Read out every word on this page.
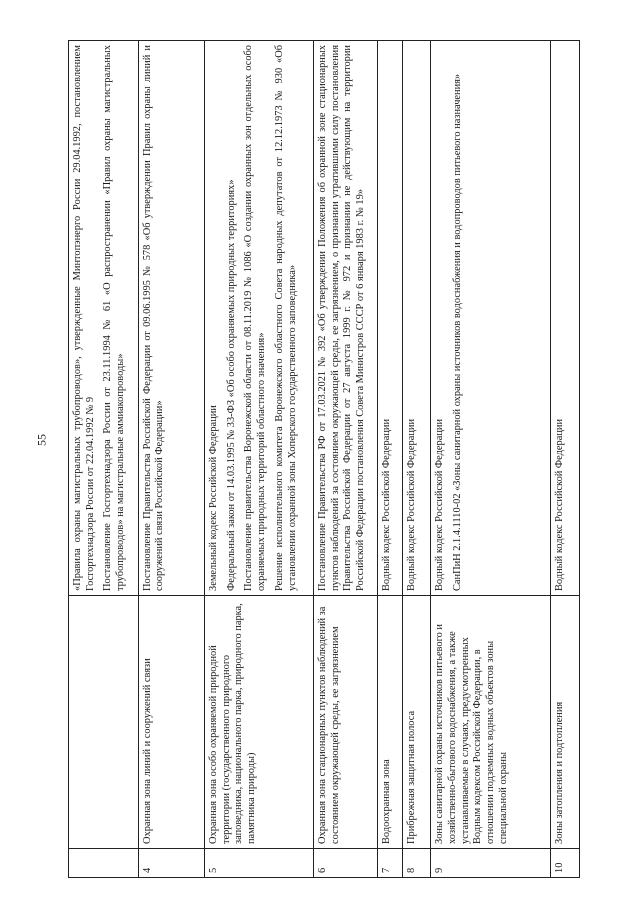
55

		«Правила охраны магистральных трубопроводов», утвержденные Минтопэнерго России 29.04.1992, постановлением Госгортехнадзора России от 22.04.1992 № 9 Постановление Госгортехнадзора России от 23.11.1994 № 61 «О распространении «Правил охраны магистральных трубопроводов» на магистральные аммиакопроводы»

4	Охранная зона линий и сооружений связи	Постановление Правительства Российской Федерации от 09.06.1995 № 578 «Об утверждении Правил охраны линий и сооружений связи Российской Федерации»

5	Охранная зона особо охраняемой природной территории (государственного природного заповедника, национального парка, природного парка, памятника природы)	Земельный кодекс Российской Федерации Федеральный закон от 14.03.1995 № 33-ФЗ «Об особо охраняемых природных территориях» Постановление правительства Воронежской области от 08.11.2019 № 1086 «О создании охранных зон отдельных особо охраняемых природных территорий областного значения» Решение исполнительного комитета Воронежского областного Совета народных депутатов от 12.12.1973 № 930 «Об установлении охранной зоны Хоперского государственного заповедника»

6	Охранная зона стационарных пунктов наблюдений за состоянием окружающей среды, ее загрязнением	Постановление Правительства РФ от 17.03.2021 № 392 «Об утверждении Положения об охранной зоне стационарных пунктов наблюдений за состоянием окружающей среды, ее загрязнением, о признании утратившими силу постановления Правительства Российской Федерации от 27 августа 1999 г. № 972 и признании не действующим на территории Российской Федерации постановления Совета Министров СССР от 6 января 1983 г. № 19»

7	Водоохранная зона	Водный кодекс Российской Федерации

8	Прибрежная защитная полоса	Водный кодекс Российской Федерации

9	Зоны санитарной охраны источников питьевого и хозяйственно-бытового водоснабжения, а также устанавливаемые в случаях, предусмотренных Водным кодексом Российской Федерации, в отношении подземных водных объектов зоны специальной охраны	Водный кодекс Российской Федерации СанПиН 2.1.4.1110-02 «Зоны санитарной охраны источников водоснабжения и водопроводов питьевого назначения»

10	Зоны затопления и подтопления	Водный кодекс Российской Федерации
